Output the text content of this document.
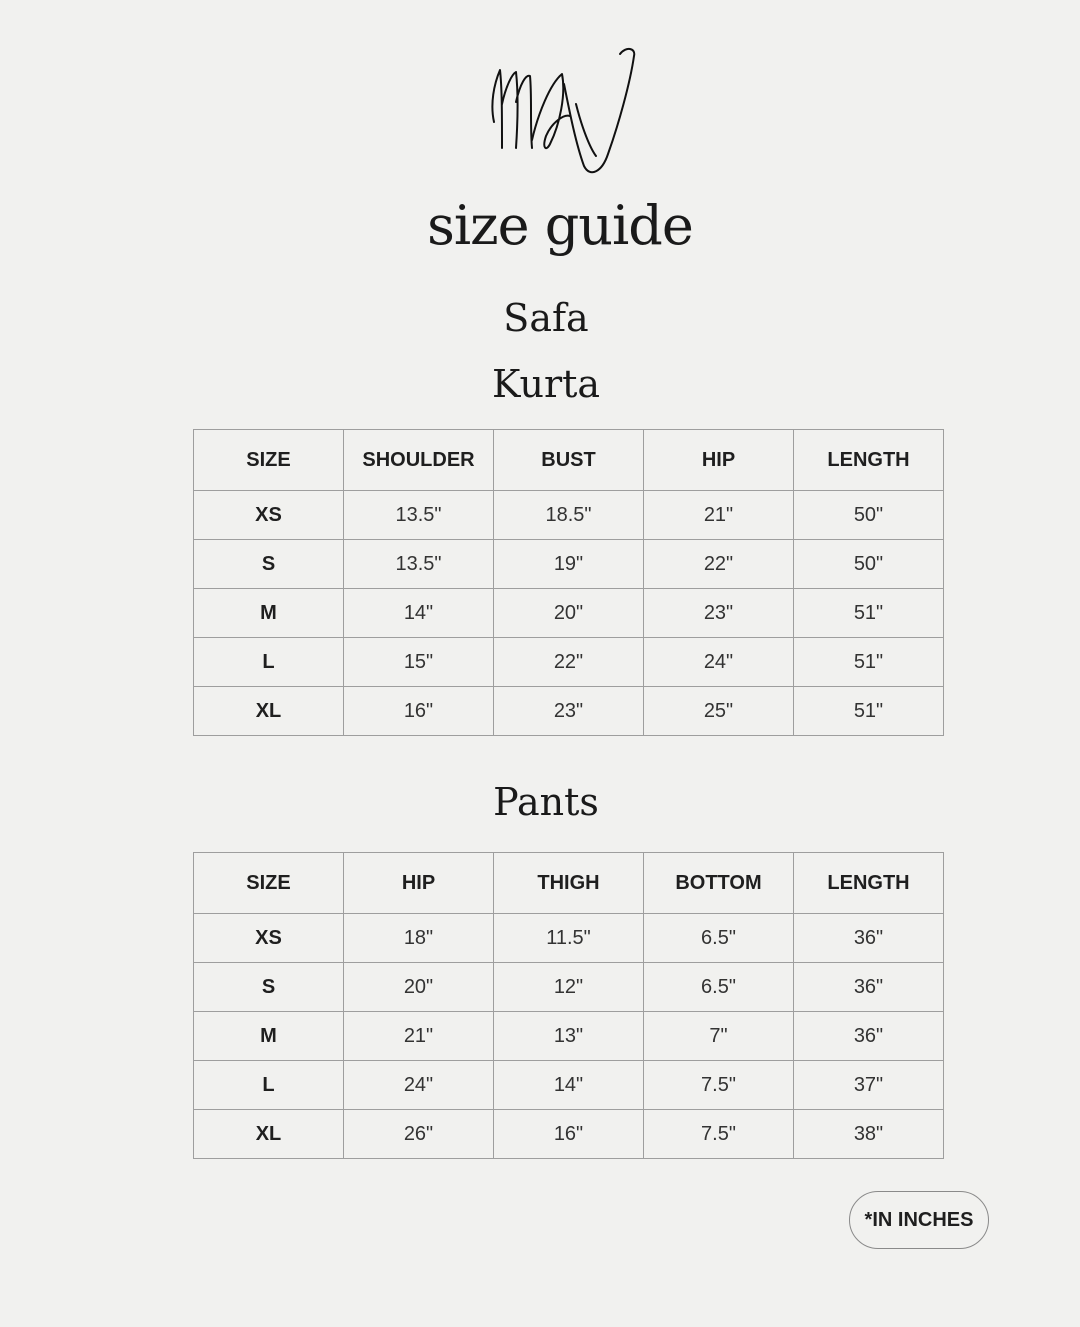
size guide
Safa
Kurta
SIZE	SHOULDER	BUST	HIP	LENGTH
XS	13.5"	18.5"	21"	50"
S	13.5"	19"	22"	50"
M	14"	20"	23"	51"
L	15"	22"	24"	51"
XL	16"	23"	25"	51"
Pants
SIZE	HIP	THIGH	BOTTOM	LENGTH
XS	18"	11.5"	6.5"	36"
S	20"	12"	6.5"	36"
M	21"	13"	7"	36"
L	24"	14"	7.5"	37"
XL	26"	16"	7.5"	38"
*IN INCHES
